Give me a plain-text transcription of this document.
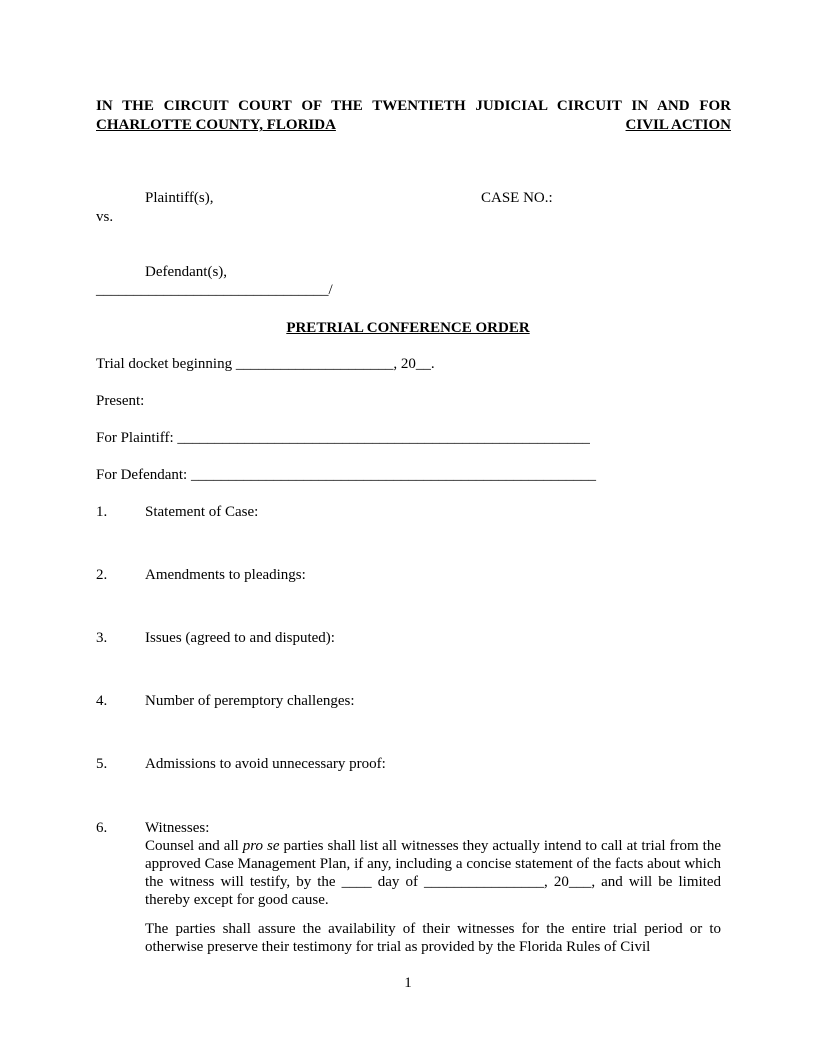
IN THE CIRCUIT COURT OF THE TWENTIETH JUDICIAL CIRCUIT IN AND FOR
CHARLOTTE COUNTY, FLORIDA	CIVIL ACTION
Plaintiff(s),	CASE NO.:
vs.
Defendant(s),
_______________________________/
PRETRIAL CONFERENCE ORDER
Trial docket beginning _____________________, 20__.
Present:
For Plaintiff: _______________________________________________________
For Defendant: ______________________________________________________
1.	Statement of Case:
2.	Amendments to pleadings:
3.	Issues (agreed to and disputed):
4.	Number of peremptory challenges:
5.	Admissions to avoid unnecessary proof:
6.	Witnesses:
Counsel and all pro se parties shall list all witnesses they actually intend to call at trial from the approved Case Management Plan, if any, including a concise statement of the facts about which the witness will testify, by the ____ day of ________________, 20___, and will be limited thereby except for good cause.
The parties shall assure the availability of their witnesses for the entire trial period or to otherwise preserve their testimony for trial as provided by the Florida Rules of Civil
1
